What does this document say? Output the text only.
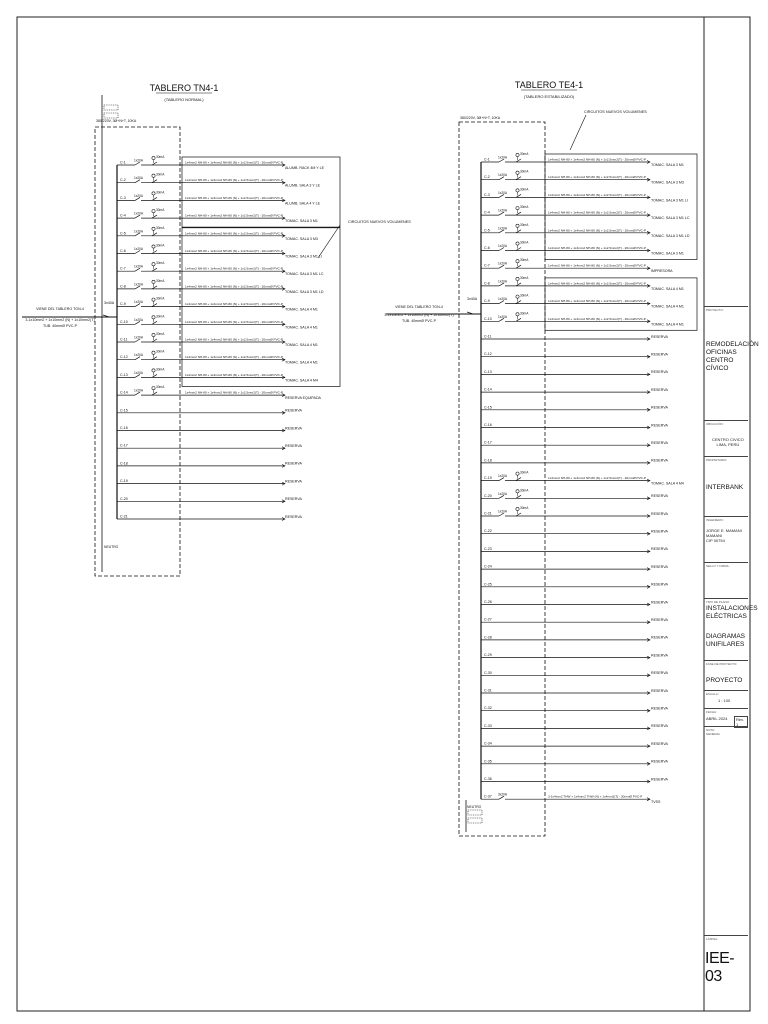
TABLERO TN4-1
(TABLERO NORMAL)
380/220V, 3Ø+N+T, 10KA
VIENE DEL TABLERO TGN-4
3-1x10mm2 + 1x10mm2 (N) + 1x10mm2(T)
TUB. 40mmØ PVC-P
3x40A
NEUTRO
CIRCUITOS NUEVOS VOLUMENES
TABLERO TE4-1
(TABLERO ESTABILIZADO)
380/220V, 3Ø+N+T, 10KA
VIENE DEL TABLERO TGN-4
3-1x10mm2 + 1x10mm2 (N) + 1x10mm2(T)
TUB. 40mmØ PVC-P
3x40A
NEUTRO
CIRCUITOS NUEVOS VOLUMENES
C-1	1x20A
30mA
1x4mm2 NH-80 + 1x4mm2 NH-80 (N) + 1x2.5mm2(T) - 20mmØ PVC-P
ALUMB. RACK 4M Y LE
C-2	1x20A
30mA
1x4mm2 NH-80 + 1x4mm2 NH-80 (N) + 1x2.5mm2(T) - 20mmØ PVC-P
ALUMB. SALA 3 Y LE
C-3	1x20A
30mA
1x4mm2 NH-80 + 1x4mm2 NH-80 (N) + 1x2.5mm2(T) - 20mmØ PVC-P
ALUMB. SALA 4 Y LE
C-4	1x20A
30mA
1x4mm2 NH-80 + 1x4mm2 NH-80 (N) + 1x2.5mm2(T) - 20mmØ PVC-P
TOMAC. SALA 3 M1
C-5	1x20A
30mA
1x4mm2 NH-80 + 1x4mm2 NH-80 (N) + 1x2.5mm2(T) - 20mmØ PVC-P
TOMAC. SALA 3 M3
C-6	1x20A
30mA
1x4mm2 NH-80 + 1x4mm2 NH-80 (N) + 1x2.5mm2(T) - 20mmØ PVC-P
TOMAC. SALA 3 M1 LI
C-7	1x20A
30mA
1x4mm2 NH-80 + 1x4mm2 NH-80 (N) + 1x2.5mm2(T) - 20mmØ PVC-P
TOMAC. SALA 3 M1 LC
C-8	1x20A
30mA
1x4mm2 NH-80 + 1x4mm2 NH-80 (N) + 1x2.5mm2(T) - 20mmØ PVC-P
TOMAC. SALA 3 M1 LD
C-9	1x20A
30mA
1x4mm2 NH-80 + 1x4mm2 NH-80 (N) + 1x2.5mm2(T) - 20mmØ PVC-P
TOMAC. SALA 4 M1
C-10 1x20A
30mA
1x4mm2 NH-80 + 1x4mm2 NH-80 (N) + 1x2.5mm2(T) - 20mmØ PVC-P
TOMAC. SALA 4 M1
C-11 1x20A
30mA
1x4mm2 NH-80 + 1x4mm2 NH-80 (N) + 1x2.5mm2(T) - 20mmØ PVC-P
TOMAC. SALA 4 M1
C-12 1x20A
30mA
1x4mm2 NH-80 + 1x4mm2 NH-80 (N) + 1x2.5mm2(T) - 20mmØ PVC-P
TOMAC. SALA 4 M1
C-13 1x20A
30mA
1x4mm2 NH-80 + 1x4mm2 NH-80 (N) + 1x2.5mm2(T) - 20mmØ PVC-P
TOMAC. SALA 4 M4
C-14 1x20A
30mA
1x4mm2 NH-80 + 1x4mm2 NH-80 (N) + 1x2.5mm2(T) - 20mmØ PVC-P
RESERVA EQUIPADA
C-15	RESERVA
C-16	RESERVA
C-17	RESERVA
C-18	RESERVA
C-19	RESERVA
C-20	RESERVA
C-21	RESERVA
C-1	1x20A
30mA
1x4mm2 NH-80 + 1x4mm2 NH-80 (N) + 1x2.5mm2(T) - 20mmØ PVC-P
TOMAC. SALA 3 M1
C-2	1x20A
30mA
1x4mm2 NH-80 + 1x4mm2 NH-80 (N) + 1x2.5mm2(T) - 20mmØ PVC-P
TOMAC. SALA 3 M3
C-3	1x20A
30mA
1x4mm2 NH-80 + 1x4mm2 NH-80 (N) + 1x2.5mm2(T) - 20mmØ PVC-P
TOMAC. SALA 3 M1 LI
C-4	1x20A
30mA
1x4mm2 NH-80 + 1x4mm2 NH-80 (N) + 1x2.5mm2(T) - 20mmØ PVC-P
TOMAC. SALA 3 M1 LC
C-5	1x20A
30mA
1x4mm2 NH-80 + 1x4mm2 NH-80 (N) + 1x2.5mm2(T) - 20mmØ PVC-P
TOMAC. SALA 3 M1 LD
C-6	1x20A
30mA
1x4mm2 NH-80 + 1x4mm2 NH-80 (N) + 1x2.5mm2(T) - 20mmØ PVC-P
TOMAC. SALA 3 M1
C-7	1x20A
30mA
1x4mm2 NH-80 + 1x4mm2 NH-80 (N) + 1x2.5mm2(T) - 20mmØ PVC-P
IMPRESORA
C-8	1x20A
30mA
1x4mm2 NH-80 + 1x4mm2 NH-80 (N) + 1x2.5mm2(T) - 20mmØ PVC-P
TOMAC. SALA 4 M1
C-9	1x20A
30mA
1x4mm2 NH-80 + 1x4mm2 NH-80 (N) + 1x2.5mm2(T) - 20mmØ PVC-P
TOMAC. SALA 4 M1
C-10 1x20A
30mA
1x4mm2 NH-80 + 1x4mm2 NH-80 (N) + 1x2.5mm2(T) - 20mmØ PVC-P
TOMAC. SALA 4 M1
C-11	RESERVA
C-12	RESERVA
C-13	RESERVA
C-14	RESERVA
C-15	RESERVA
C-16	RESERVA
C-17	RESERVA
C-18	RESERVA
C-19 1x20A
30mA
1x4mm2 NH-80 + 1x4mm2 NH-80 (N) + 1x2.5mm2(T) - 20mmØ PVC-P
TOMAC. SALA 4 M4
C-20 1x20A
30mA
RESERVA
C-21 1x20A
30mA
RESERVA
C-22	RESERVA
C-23	RESERVA
C-24	RESERVA
C-25	RESERVA
C-26	RESERVA
C-27	RESERVA
C-28	RESERVA
C-29	RESERVA
C-30	RESERVA
C-31	RESERVA
C-32	RESERVA
C-33	RESERVA
C-34	RESERVA
C-35	RESERVA
C-36	RESERVA
C-37 3x20A	3-1x4mm2 THW + 1x4mm2 THW (N) + 1x4mm2(T) - 20mmØ PVC-P
TVSS
PROYECTO:
REMODELACIÓN
OFICINAS
CENTRO
CÍVICO
UBICACIÓN:
CENTRO CIVICO
LIMA, PERÚ
PROPIETARIO:
INTERBANK
INGENIERO:
JORGE E. MAMANI MAMANI
CIP 00754
SELLO Y FIRMA:
TIPO DE PLANO:
INSTALACIONES
ELÉCTRICAS
DIAGRAMAS
UNIFILARES
FASE DE PROYECTO:
PROYECTO
ESCALA:
1 : 100
FECHA:
ABRIL 2024	Rev. 1
NOTA:
GENERAL
LÁMINA:
IEE-03
